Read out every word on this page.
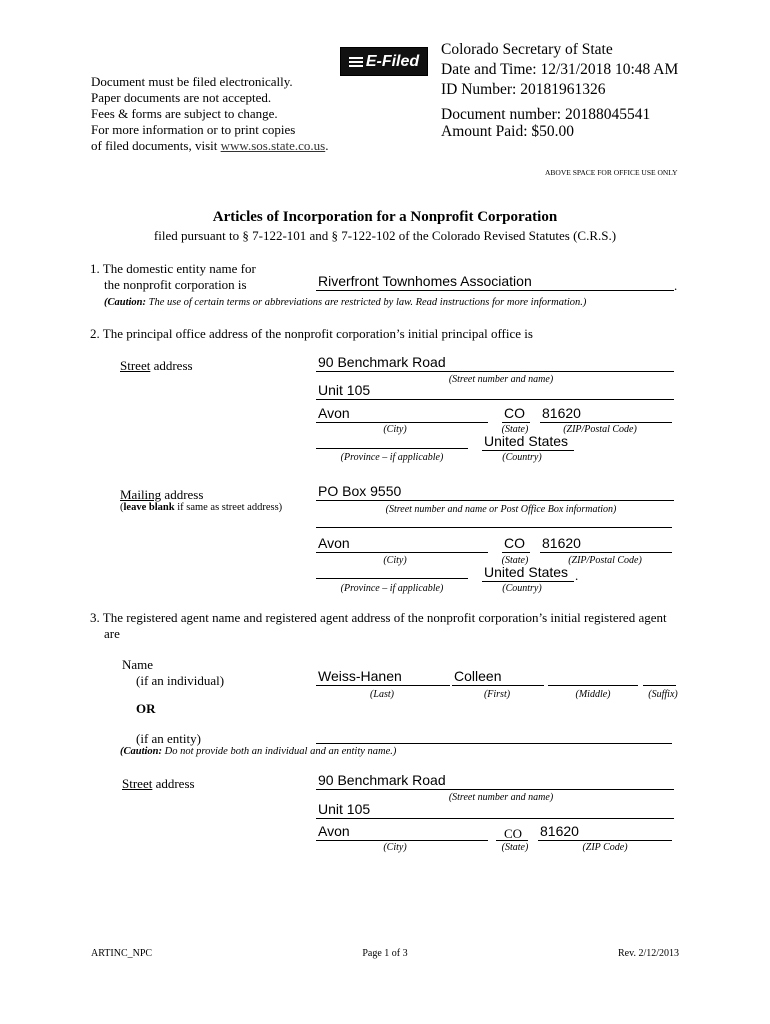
E-Filed
Document must be filed electronically.
Paper documents are not accepted.
Fees & forms are subject to change.
For more information or to print copies
of filed documents, visit www.sos.state.co.us.
Colorado Secretary of State
Date and Time: 12/31/2018 10:48 AM
ID Number: 20181961326
Document number: 20188045541
Amount Paid: $50.00
ABOVE SPACE FOR OFFICE USE ONLY
Articles of Incorporation for a Nonprofit Corporation
filed pursuant to § 7-122-101 and § 7-122-102 of the Colorado Revised Statutes (C.R.S.)
1. The domestic entity name for
the nonprofit corporation is	Riverfront Townhomes Association	.
(Caution: The use of certain terms or abbreviations are restricted by law. Read instructions for more information.)
2. The principal office address of the nonprofit corporation’s initial principal office is
Street address	90 Benchmark Road
(Street number and name)
Unit 105
Avon	CO	81620
(City)	(State)	(ZIP/Postal Code)
United States
(Province – if applicable)	(Country)
Mailing address
(leave blank if same as street address)
PO Box 9550
(Street number and name or Post Office Box information)
Avon	CO	81620
(City)	(State)	(ZIP/Postal Code)
United States .
(Province – if applicable)	(Country)
3. The registered agent name and registered agent address of the nonprofit corporation’s initial registered agent
are
Name
(if an individual)	Weiss-Hanen	Colleen
(Last)	(First)	(Middle)	(Suffix)
OR
(if an entity)
(Caution: Do not provide both an individual and an entity name.)
Street address	90 Benchmark Road
(Street number and name)
Unit 105
Avon	CO	81620
(City)	(State)	(ZIP Code)
ARTINC_NPC	Page 1 of 3	Rev. 2/12/2013
